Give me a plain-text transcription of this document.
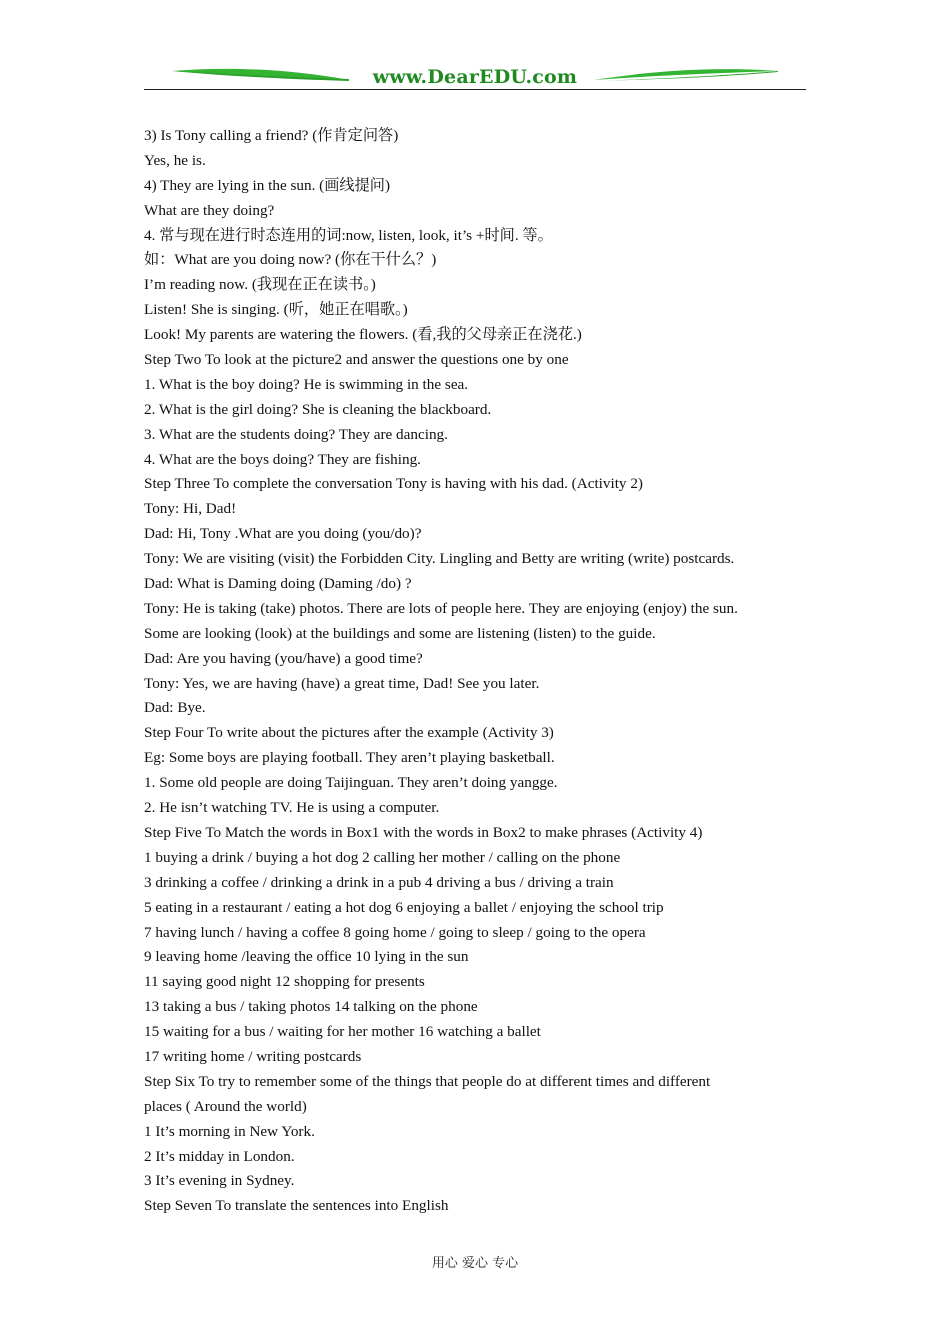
www.DearEDU.com
3) Is Tony calling a friend? (作肯定问答)
Yes, he is.
4) They are lying in the sun. (画线提问)
What are they doing?
4. 常与现在进行时态连用的词:now, listen, look, it’s +时间. 等。
如：What are you doing now? (你在干什么？)
I’m reading now. (我现在正在读书。)
Listen! She is singing. (听，她正在唱歌。)
Look! My parents are watering the flowers. (看,我的父母亲正在浇花.)
Step Two To look at the picture2 and answer the questions one by one
1. What is the boy doing? He is swimming in the sea.
2. What is the girl doing? She is cleaning the blackboard.
3. What are the students doing? They are dancing.
4. What are the boys doing? They are fishing.
Step Three To complete the conversation Tony is having with his dad. (Activity 2)
Tony: Hi, Dad!
Dad: Hi, Tony .What are you doing (you/do)?
Tony: We are visiting (visit) the Forbidden City. Lingling and Betty are writing (write) postcards.
Dad: What is Daming doing (Daming /do) ?
Tony: He is taking (take) photos. There are lots of people here. They are enjoying (enjoy) the sun.
Some are looking (look) at the buildings and some are listening (listen) to the guide.
Dad: Are you having (you/have) a good time?
Tony: Yes, we are having (have) a great time, Dad! See you later.
Dad: Bye.
Step Four To write about the pictures after the example (Activity 3)
Eg: Some boys are playing football. They aren’t playing basketball.
1. Some old people are doing Taijinguan. They aren’t doing yangge.
2. He isn’t watching TV. He is using a computer.
Step Five To Match the words in Box1 with the words in Box2 to make phrases (Activity 4)
1 buying a drink / buying a hot dog 2 calling her mother / calling on the phone
3 drinking a coffee / drinking a drink in a pub 4 driving a bus / driving a train
5 eating in a restaurant / eating a hot dog 6 enjoying a ballet / enjoying the school trip
7 having lunch / having a coffee 8 going home / going to sleep / going to the opera
9 leaving home /leaving the office 10 lying in the sun
11 saying good night 12 shopping for presents
13 taking a bus / taking photos 14 talking on the phone
15 waiting for a bus / waiting for her mother 16 watching a ballet
17 writing home / writing postcards
Step Six To try to remember some of the things that people do at different times and different
places ( Around the world)
1 It’s morning in New York.
2 It’s midday in London.
3 It’s evening in Sydney.
Step Seven To translate the sentences into English
用心 爱心 专心
